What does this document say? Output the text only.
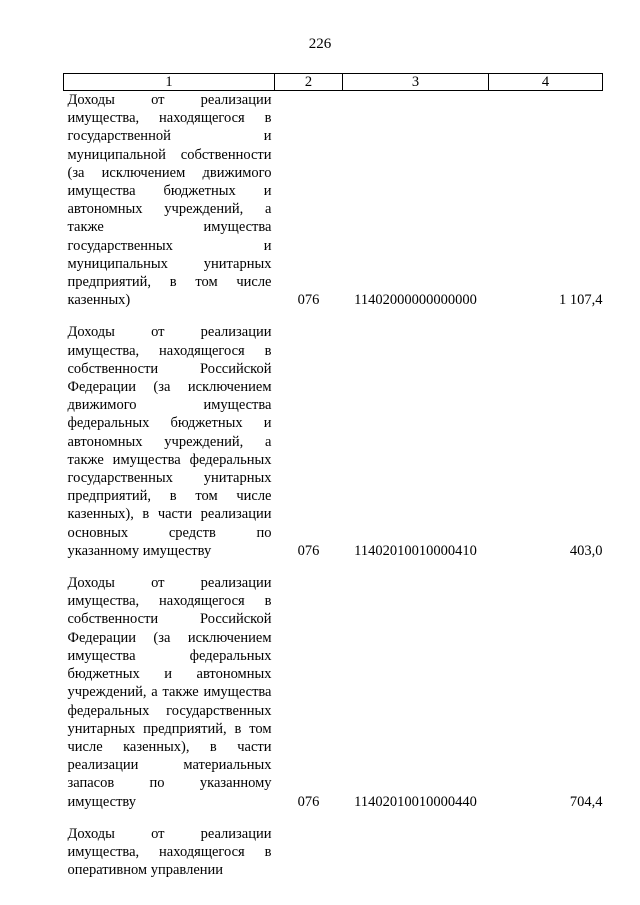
226
1	2	3	4
Доходы от реализации имущества, находящегося в государственной и муниципальной собственности (за исключением движимого имущества бюджетных и автономных учреждений, а также имущества государственных и муниципальных унитарных предприятий, в том числе казенных)	076	11402000000000000	1 107,4

Доходы от реализации имущества, находящегося в собственности Российской Федерации (за исключением движимого имущества федеральных бюджетных и автономных учреждений, а также имущества федеральных государственных унитарных предприятий, в том числе казенных), в части реализации основных средств по указанному имуществу	076	11402010010000410	403,0

Доходы от реализации имущества, находящегося в собственности Российской Федерации (за исключением имущества федеральных бюджетных и автономных учреждений, а также имущества федеральных государственных унитарных предприятий, в том числе казенных), в части реализации материальных запасов по указанному имуществу	076	11402010010000440	704,4

Доходы от реализации имущества, находящегося в оперативном управлении			
